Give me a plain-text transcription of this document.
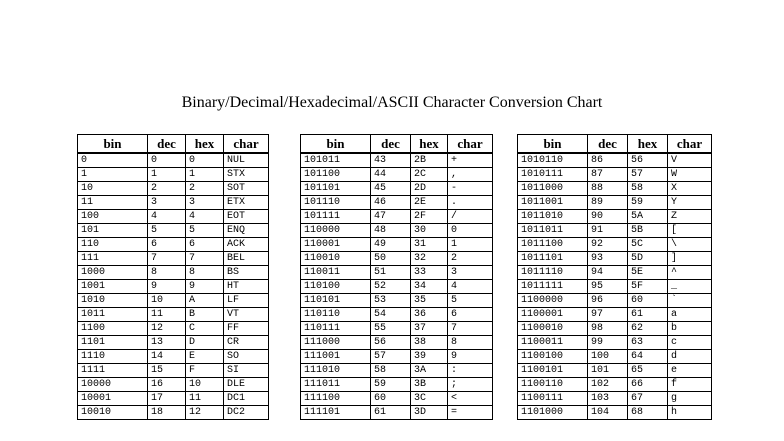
Binary/Decimal/Hexadecimal/ASCII Character Conversion Chart
bin	dec	hex	char
0	0	0	NUL
1	1	1	STX
10	2	2	SOT
11	3	3	ETX
100	4	4	EOT
101	5	5	ENQ
110	6	6	ACK
111	7	7	BEL
1000	8	8	BS
1001	9	9	HT
1010	10	A	LF
1011	11	B	VT
1100	12	C	FF
1101	13	D	CR
1110	14	E	SO
1111	15	F	SI
10000	16	10	DLE
10001	17	11	DC1
10010	18	12	DC2
bin	dec	hex	char
101011	43	2B	+
101100	44	2C	,
101101	45	2D	-
101110	46	2E	.
101111	47	2F	/
110000	48	30	0
110001	49	31	1
110010	50	32	2
110011	51	33	3
110100	52	34	4
110101	53	35	5
110110	54	36	6
110111	55	37	7
111000	56	38	8
111001	57	39	9
111010	58	3A	:
111011	59	3B	;
111100	60	3C	<
111101	61	3D	=
bin	dec	hex	char
1010110	86	56	V
1010111	87	57	W
1011000	88	58	X
1011001	89	59	Y
1011010	90	5A	Z
1011011	91	5B	[
1011100	92	5C	\
1011101	93	5D	]
1011110	94	5E	^
1011111	95	5F	_
1100000	96	60	`
1100001	97	61	a
1100010	98	62	b
1100011	99	63	c
1100100	100	64	d
1100101	101	65	e
1100110	102	66	f
1100111	103	67	g
1101000	104	68	h
